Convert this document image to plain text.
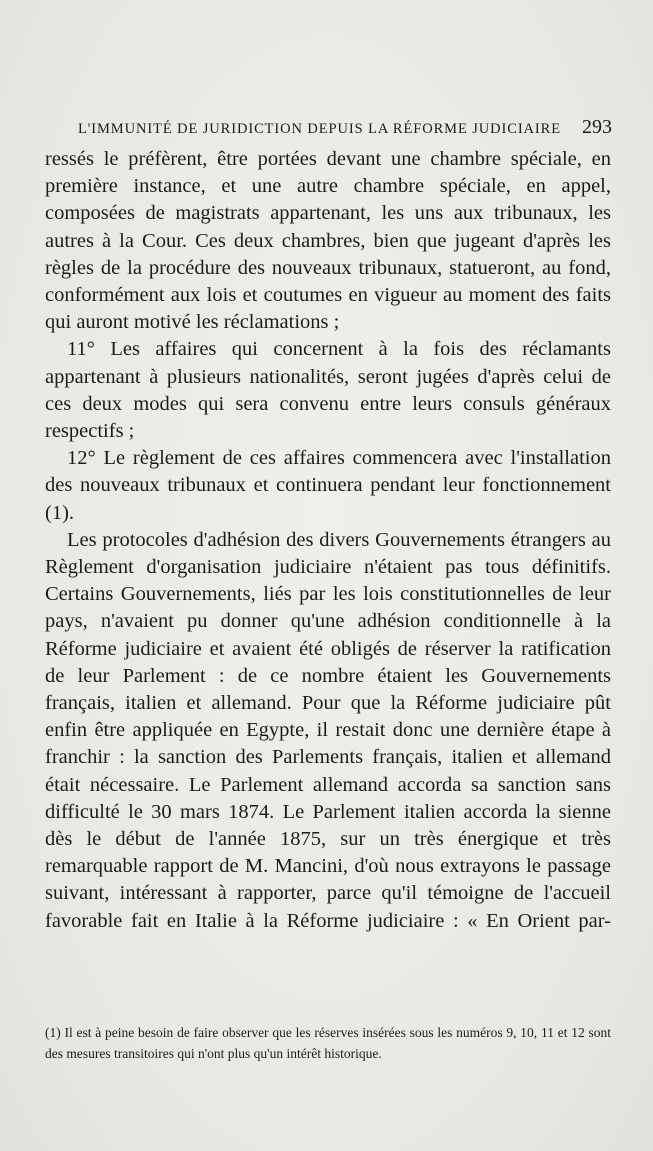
L'IMMUNITÉ DE JURIDICTION DEPUIS LA RÉFORME JUDICIAIRE 293

ressés le préfèrent, être portées devant une chambre spéciale, en première instance, et une autre chambre spéciale, en appel, composées de magistrats appartenant, les uns aux tribunaux, les autres à la Cour. Ces deux chambres, bien que jugeant d'après les règles de la procédure des nouveaux tribunaux, statueront, au fond, conformément aux lois et coutumes en vigueur au moment des faits qui auront motivé les réclamations ;

11° Les affaires qui concernent à la fois des réclamants appartenant à plusieurs nationalités, seront jugées d'après celui de ces deux modes qui sera convenu entre leurs consuls généraux respectifs ;

12° Le règlement de ces affaires commencera avec l'installation des nouveaux tribunaux et continuera pendant leur fonctionnement (1).

Les protocoles d'adhésion des divers Gouvernements étrangers au Règlement d'organisation judiciaire n'étaient pas tous définitifs. Certains Gouvernements, liés par les lois constitutionnelles de leur pays, n'avaient pu donner qu'une adhésion conditionnelle à la Réforme judiciaire et avaient été obligés de réserver la ratification de leur Parlement : de ce nombre étaient les Gouvernements français, italien et allemand. Pour que la Réforme judiciaire pût enfin être appliquée en Egypte, il restait donc une dernière étape à franchir : la sanction des Parlements français, italien et allemand était nécessaire. Le Parlement allemand accorda sa sanction sans difficulté le 30 mars 1874. Le Parlement italien accorda la sienne dès le début de l'année 1875, sur un très énergique et très remarquable rapport de M. Mancini, d'où nous extrayons le passage suivant, intéressant à rapporter, parce qu'il témoigne de l'accueil favorable fait en Italie à la Réforme judiciaire : « En Orient par-

(1) Il est à peine besoin de faire observer que les réserves insérées sous les numéros 9, 10, 11 et 12 sont des mesures transitoires qui n'ont plus qu'un intérêt historique.
